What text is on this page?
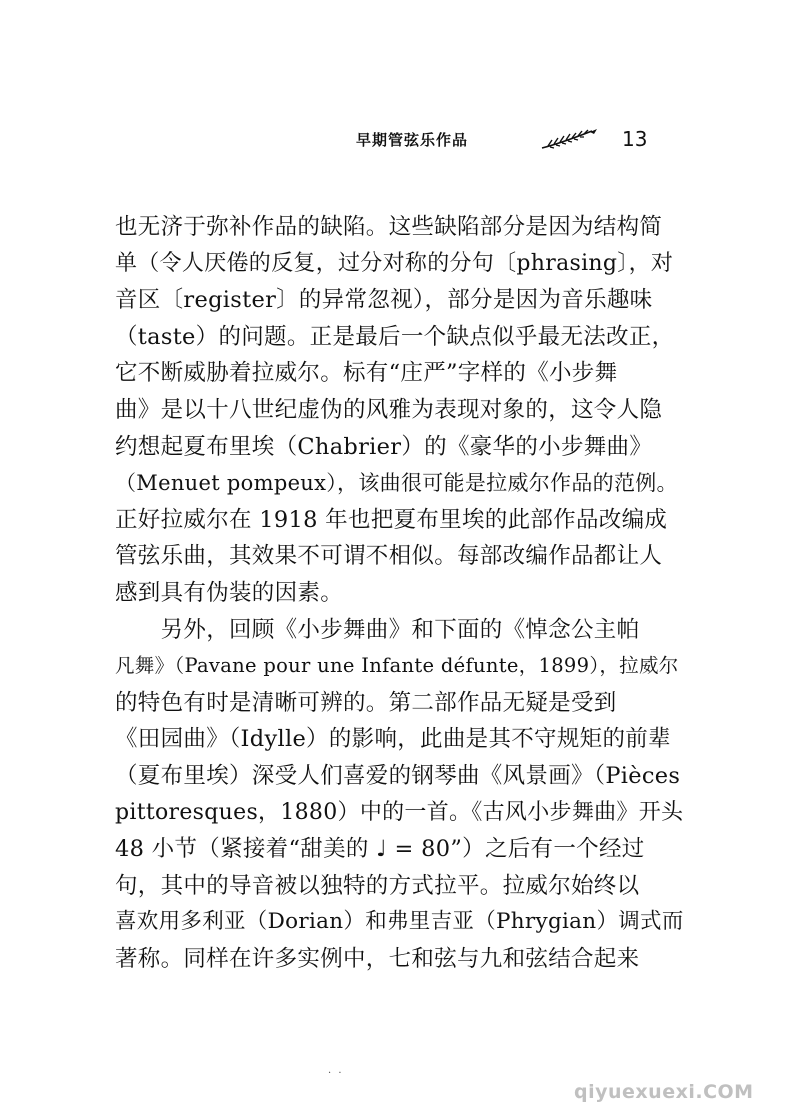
早期管弦乐作品	13
也无济于弥补作品的缺陷。这些缺陷部分是因为结构简
单（令人厌倦的反复，过分对称的分句〔phrasing〕，对
音区〔register〕的异常忽视），部分是因为音乐趣味
（taste）的问题。正是最后一个缺点似乎最无法改正，
它不断威胁着拉威尔。标有“庄严”字样的《小步舞
曲》是以十八世纪虚伪的风雅为表现对象的，这令人隐
约想起夏布里埃（Chabrier）的《豪华的小步舞曲》
（Menuet pompeux），该曲很可能是拉威尔作品的范例。
正好拉威尔在 1918 年也把夏布里埃的此部作品改编成
管弦乐曲，其效果不可谓不相似。每部改编作品都让人
感到具有伪装的因素。
　　另外，回顾《小步舞曲》和下面的《悼念公主帕
凡舞》（Pavane pour une Infante défunte，1899），拉威尔
的特色有时是清晰可辨的。第二部作品无疑是受到
《田园曲》（Idylle）的影响，此曲是其不守规矩的前辈
（夏布里埃）深受人们喜爱的钢琴曲《风景画》（Pièces
pittoresques，1880）中的一首。《古风小步舞曲》开头
48 小节（紧接着“甜美的 ♩ = 80”）之后有一个经过
句，其中的导音被以独特的方式拉平。拉威尔始终以
喜欢用多利亚（Dorian）和弗里吉亚（Phrygian）调式而
著称。同样在许多实例中，七和弦与九和弦结合起来
· ·
qiyuexuexi.COM
